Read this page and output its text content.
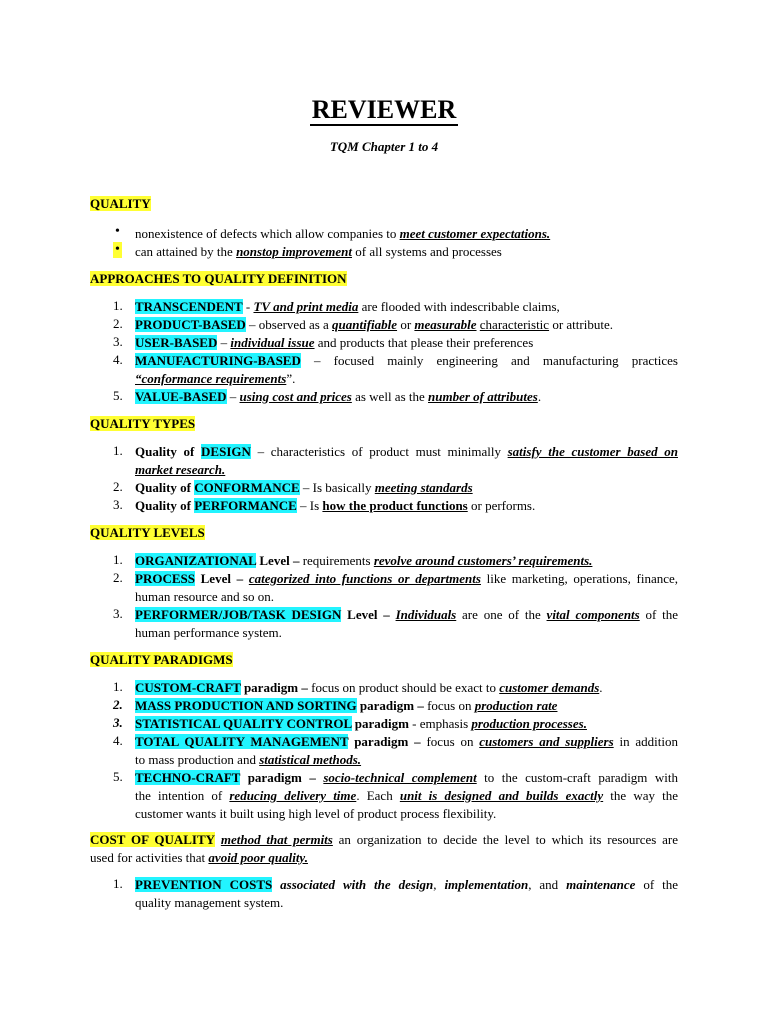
REVIEWER
TQM Chapter 1 to 4
QUALITY
• nonexistence of defects which allow companies to meet customer expectations.
• can attained by the nonstop improvement of all systems and processes
APPROACHES TO QUALITY DEFINITION
1. TRANSCENDENT - TV and print media are flooded with indescribable claims,
2. PRODUCT-BASED – observed as a quantifiable or measurable characteristic or attribute.
3. USER-BASED – individual issue and products that please their preferences
4. MANUFACTURING-BASED – focused mainly engineering and manufacturing practices
“conformance requirements”.
5. VALUE-BASED – using cost and prices as well as the number of attributes.
QUALITY TYPES
1. Quality of DESIGN – characteristics of product must minimally satisfy the customer based on
market research.
2. Quality of CONFORMANCE – Is basically meeting standards
3. Quality of PERFORMANCE – Is how the product functions or performs.
QUALITY LEVELS
1. ORGANIZATIONAL Level – requirements revolve around customers’ requirements.
2. PROCESS Level – categorized into functions or departments like marketing, operations, finance,
human resource and so on.
3. PERFORMER/JOB/TASK DESIGN Level – Individuals are one of the vital components of the
human performance system.
QUALITY PARADIGMS
1. CUSTOM-CRAFT paradigm – focus on product should be exact to customer demands.
2. MASS PRODUCTION AND SORTING paradigm – focus on production rate
3. STATISTICAL QUALITY CONTROL paradigm - emphasis production processes.
4. TOTAL QUALITY MANAGEMENT paradigm – focus on customers and suppliers in addition
to mass production and statistical methods.
5. TECHNO-CRAFT paradigm – socio-technical complement to the custom-craft paradigm with
the intention of reducing delivery time. Each unit is designed and builds exactly the way the
customer wants it built using high level of product process flexibility.
COST OF QUALITY method that permits an organization to decide the level to which its resources are
used for activities that avoid poor quality.
1. PREVENTION COSTS associated with the design, implementation, and maintenance of the
quality management system.
